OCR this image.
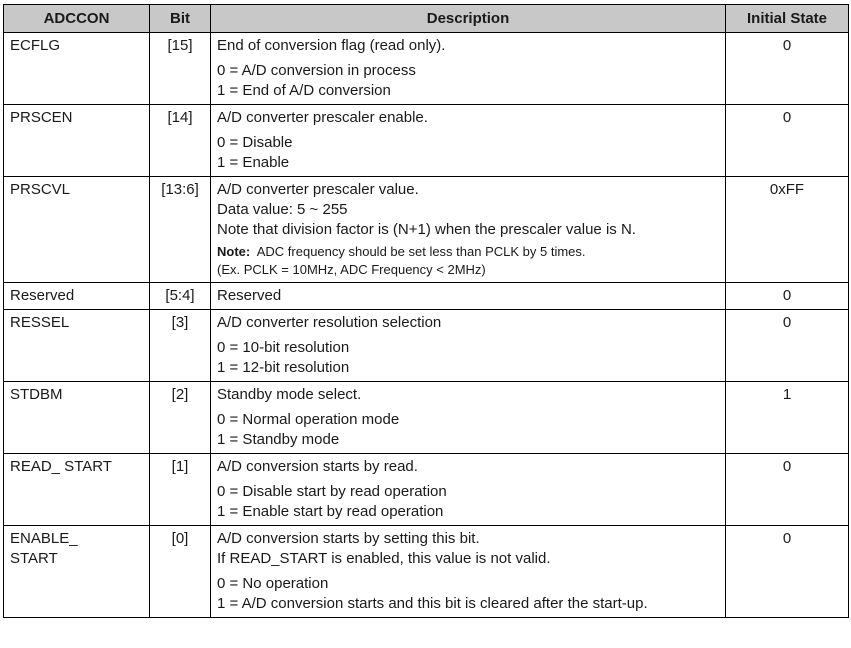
ADCCON	Bit	Description	Initial State
ECFLG	[15]	End of conversion flag (read only).
0 = A/D conversion in process
1 = End of A/D conversion	0
PRSCEN	[14]	A/D converter prescaler enable.
0 = Disable
1 = Enable	0
PRSCVL	[13:6]	A/D converter prescaler value.
Data value: 5 ~ 255
Note that division factor is (N+1) when the prescaler value is N.
Note: ADC frequency should be set less than PCLK by 5 times.
(Ex. PCLK = 10MHz, ADC Frequency < 2MHz)	0xFF
Reserved	[5:4]	Reserved	0
RESSEL	[3]	A/D converter resolution selection
0 = 10-bit resolution
1 = 12-bit resolution	0
STDBM	[2]	Standby mode select.
0 = Normal operation mode
1 = Standby mode	1
READ_ START	[1]	A/D conversion starts by read.
0 = Disable start by read operation
1 = Enable start by read operation	0

ENABLE_
START	[0]	A/D conversion starts by setting this bit.
If READ_START is enabled, this value is not valid.
0 = No operation
1 = A/D conversion starts and this bit is cleared after the start-up.	0
